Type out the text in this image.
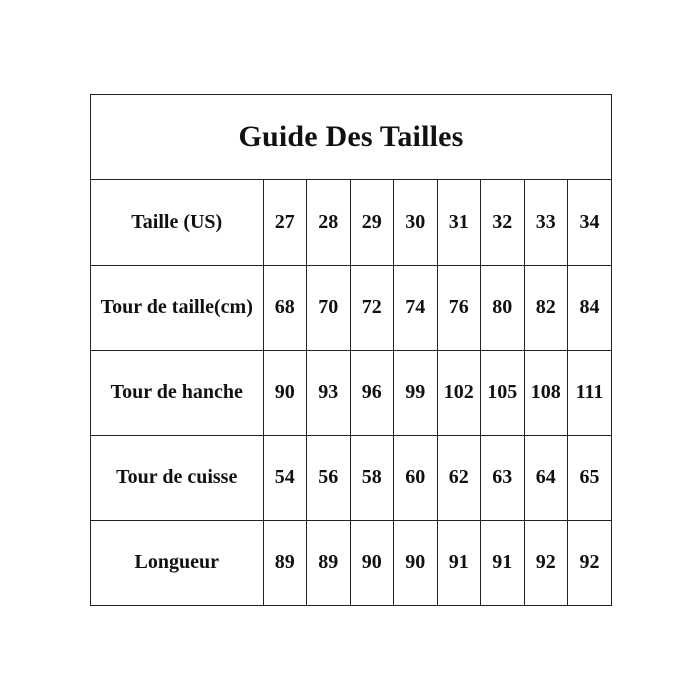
Guide Des Tailles
Taille (US)	27	28	29	30	31	32	33	34
Tour de taille(cm)	68	70	72	74	76	80	82	84
Tour de hanche	90	93	96	99	102	105	108	111
Tour de cuisse	54	56	58	60	62	63	64	65
Longueur	89	89	90	90	91	91	92	92
